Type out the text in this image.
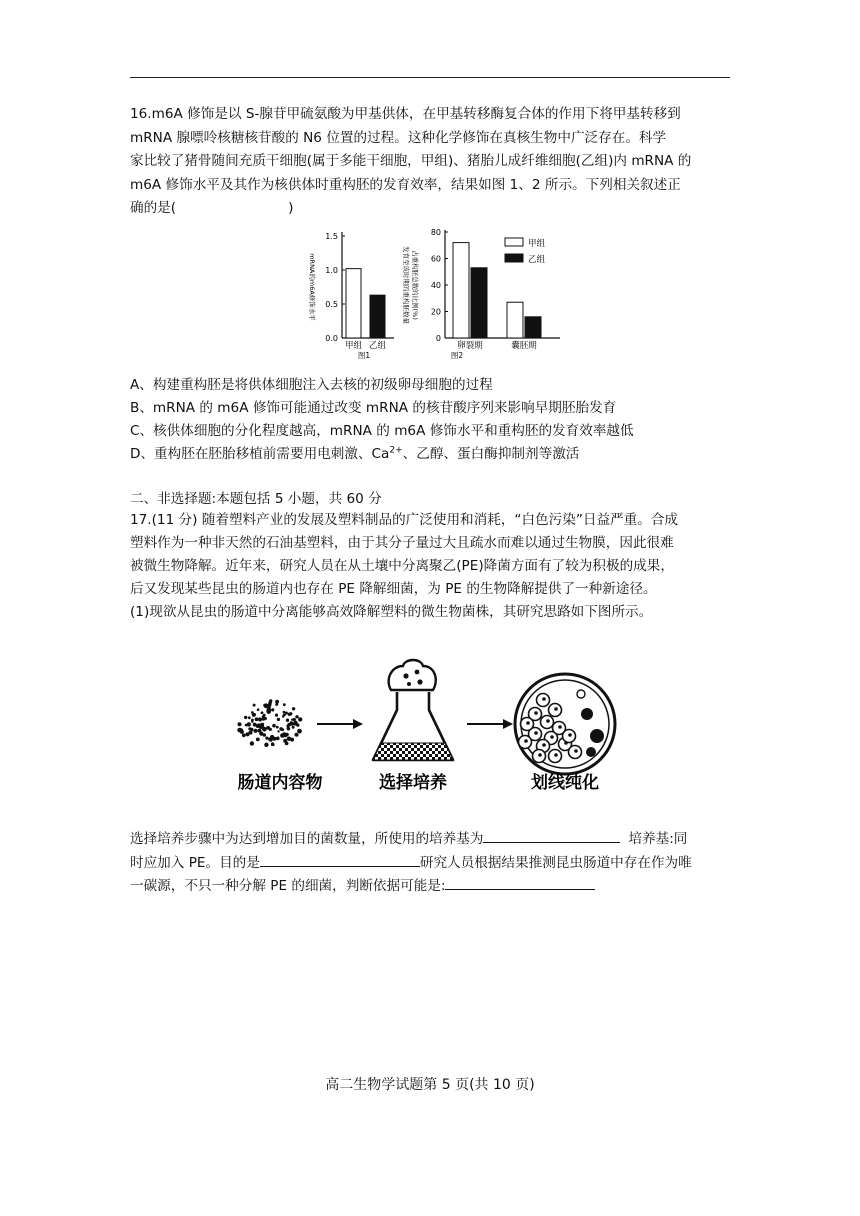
16.m6A 修饰是以 S-腺苷甲硫氨酸为甲基供体，在甲基转移酶复合体的作用下将甲基转移到
mRNA 腺嘌呤核糖核苷酸的 N6 位置的过程。这种化学修饰在真核生物中广泛存在。科学
家比较了猪骨随间充质干细胞(属于多能干细胞，甲组)、猪胎儿成纤维细胞(乙组)内 mRNA 的
m6A 修饰水平及其作为核供体时重构胚的发育效率，结果如图 1、2 所示。下列相关叙述正
确的是(	)
0.0
0.5
1.0
1.5
mRNA的m6A修饰水平
甲组 乙组
图1
0
20
40
60
80
发育至该时期的重构胚数量 占重构胚总数的比例(%)
卵裂期	囊胚期
图2
甲组
乙组
A、构建重构胚是将供体细胞注入去核的初级卵母细胞的过程
B、mRNA 的 m6A 修饰可能通过改变 mRNA 的核苷酸序列来影响早期胚胎发育
C、核供体细胞的分化程度越高，mRNA 的 m6A 修饰水平和重构胚的发育效率越低
D、重构胚在胚胎移植前需要用电刺激、$Ca^{2+}$、乙醇、蛋白酶抑制剂等激活
二、非选择题:本题包括 5 小题，共 60 分
17.(11 分) 随着塑料产业的发展及塑料制品的广泛使用和消耗，“白色污染”日益严重。合成
塑料作为一种非天然的石油基塑料，由于其分子量过大且疏水而难以通过生物膜，因此很难
被微生物降解。近年来，研究人员在从土壤中分离聚乙(PE)降菌方面有了较为积极的成果，
后又发现某些昆虫的肠道内也存在 PE 降解细菌，为 PE 的生物降解提供了一种新途径。
(1)现欲从昆虫的肠道中分离能够高效降解塑料的微生物菌株，其研究思路如下图所示。
肠道内容物	选择培养	划线纯化
选择培养步骤中为达到增加目的菌数量，所使用的培养基为	培养基:同
时应加入 PE。目的是	研究人员根据结果推测昆虫肠道中存在作为唯
一碳源，不只一种分解 PE 的细菌，判断依据可能是:
高二生物学试题第 5 页(共 10 页)
